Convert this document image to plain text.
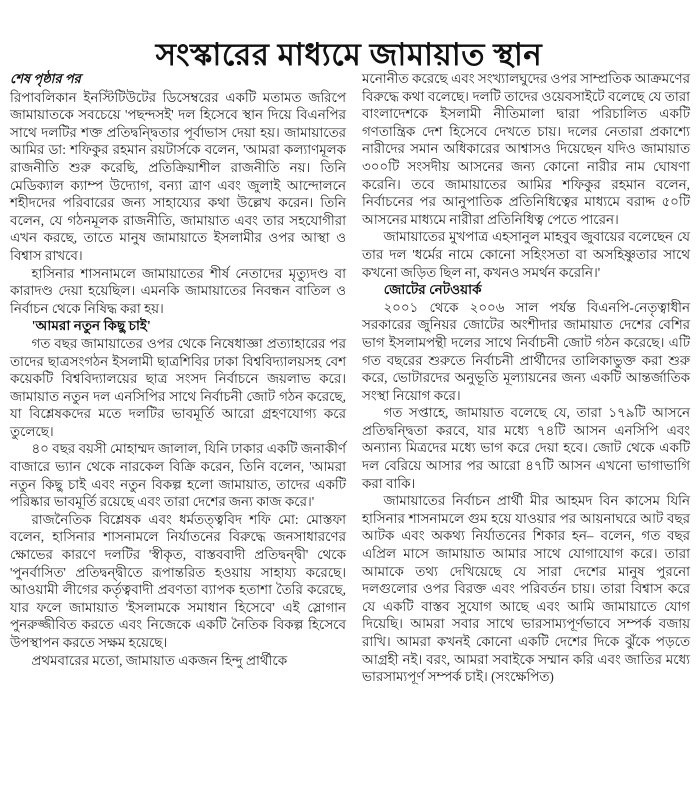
সংস্কারের মাধ্যমে জামায়াত স্থান
শেষ পৃষ্ঠার পর

রিপাবলিকান ইনস্টিটিউটের ডিসেম্বরের একটি মতামত জরিপে জামায়াতকে সবচেয়ে 'পছন্দসই' দল হিসেবে স্থান দিয়ে বিএনপির সাথে দলটির শক্ত প্রতিদ্বন্দ্বিতার পূর্বাভাস দেয়া হয়। জামায়াতের আমির ডা: শফিকুর রহমান রয়টার্সকে বলেন, 'আমরা কল্যাণমূলক রাজনীতি শুরু করেছি, প্রতিক্রিয়াশীল রাজনীতি নয়। তিনি মেডিক্যাল ক্যাম্প উদ্যোগ, বন্যা ত্রাণ এবং জুলাই আন্দোলনে শহীদদের পরিবারের জন্য সাহায্যের কথা উল্লেখ করেন। তিনি বলেন, যে গঠনমূলক রাজনীতি, জামায়াত এবং তার সহযোগীরা এখন করছে, তাতে মানুষ জামায়াতে ইসলামীর ওপর আস্থা ও বিশ্বাস রাখবে।

হাসিনার শাসনামলে জামায়াতের শীর্ষ নেতাদের মৃত্যুদণ্ড বা কারাদণ্ড দেয়া হয়েছিল। এমনকি জামায়াতের নিবন্ধন বাতিল ও নির্বাচন থেকে নিষিদ্ধ করা হয়।

'আমরা নতুন কিছু চাই'

গত বছর জামায়াতের ওপর থেকে নিষেধাজ্ঞা প্রত্যাহারের পর তাদের ছাত্রসংগঠন ইসলামী ছাত্রশিবির ঢাকা বিশ্ববিদ্যালয়সহ বেশ কয়েকটি বিশ্ববিদ্যালয়ের ছাত্র সংসদ নির্বাচনে জয়লাভ করে। জামায়াত নতুন দল এনসিপির সাথে নির্বাচনী জোট গঠন করেছে, যা বিশ্লেষকদের মতে দলটির ভাবমূর্তি আরো গ্রহণযোগ্য করে তুলেছে।

৪০ বছর বয়সী মোহাম্মদ জালাল, যিনি ঢাকার একটি জনাকীর্ণ বাজারে ভ্যান থেকে নারকেল বিক্রি করেন, তিনি বলেন, 'আমরা নতুন কিছু চাই এবং নতুন বিকল্প হলো জামায়াত, তাদের একটি পরিষ্কার ভাবমূর্তি রয়েছে এবং তারা দেশের জন্য কাজ করে।'

রাজনৈতিক বিশ্লেষক এবং ধর্মতত্ত্ববিদ শফি মো: মোস্তফা বলেন, হাসিনার শাসনামলে নির্যাতনের বিরুদ্ধে জনসাধারণের ক্ষোভের কারণে দলটির 'স্বীকৃত, বাস্তববাদী প্রতিদ্বন্দ্বী' থেকে 'পুনর্বাসিত' প্রতিদ্বন্দ্বীতে রূপান্তরিত হওয়ায় সাহায্য করেছে। আওয়ামী লীগের কর্তৃত্ববাদী প্রবণতা ব্যাপক হতাশা তৈরি করেছে, যার ফলে জামায়াত 'ইসলামকে সমাধান হিসেবে' এই স্লোগান পুনরুজ্জীবিত করতে এবং নিজেকে একটি নৈতিক বিকল্প হিসেবে উপস্থাপন করতে সক্ষম হয়েছে।

প্রথমবারের মতো, জামায়াত একজন হিন্দু প্রার্থীকে

মনোনীত করেছে এবং সংখ্যালঘুদের ওপর সাম্প্রতিক আক্রমণের বিরুদ্ধে কথা বলেছে। দলটি তাদের ওয়েবসাইটে বলেছে যে তারা বাংলাদেশকে ইসলামী নীতিমালা দ্বারা পরিচালিত একটি গণতান্ত্রিক দেশ হিসেবে দেখতে চায়। দলের নেতারা প্রকাশ্যে নারীদের সমান অধিকারের আশ্বাসও দিয়েছেন যদিও জামায়াত ৩০০টি সংসদীয় আসনের জন্য কোনো নারীর নাম ঘোষণা করেনি। তবে জামায়াতের আমির শফিকুর রহমান বলেন, নির্বাচনের পর আনুপাতিক প্রতিনিধিত্বের মাধ্যমে বরাদ্দ ৫০টি আসনের মাধ্যমে নারীরা প্রতিনিধিত্ব পেতে পারেন।

জামায়াতের মুখপাত্র এহসানুল মাহবুব জুবায়ের বলেছেন যে তার দল 'ধর্মের নামে কোনো সহিংসতা বা অসহিষ্ণুতার সাথে কখনো জড়িত ছিল না, কখনও সমর্থন করেনি।'

জোটের নেটওয়ার্ক

২০০১ থেকে ২০০৬ সাল পর্যন্ত বিএনপি-নেতৃত্বাধীন সরকারের জুনিয়র জোটের অংশীদার জামায়াত দেশের বেশির ভাগ ইসলামপন্থী দলের সাথে নির্বাচনী জোট গঠন করেছে। এটি গত বছরের শুরুতে নির্বাচনী প্রার্থীদের তালিকাভুক্ত করা শুরু করে, ভোটারদের অনুভূতি মূল্যায়নের জন্য একটি আন্তর্জাতিক সংস্থা নিয়োগ করে।

গত সপ্তাহে, জামায়াত বলেছে যে, তারা ১৭৯টি আসনে প্রতিদ্বন্দ্বিতা করবে, যার মধ্যে ৭৪টি আসন এনসিপি এবং অন্যান্য মিত্রদের মধ্যে ভাগ করে দেয়া হবে। জোট থেকে একটি দল বেরিয়ে আসার পর আরো ৪৭টি আসন এখনো ভাগাভাগি করা বাকি।

জামায়াতের নির্বাচন প্রার্থী মীর আহমদ বিন কাসেম যিনি হাসিনার শাসনামলে গুম হয়ে যাওয়ার পর আয়নাঘরে আট বছর আটক এবং অকথ্য নির্যাতনের শিকার হন– বলেন, গত বছর এপ্রিল মাসে জামায়াত আমার সাথে যোগাযোগ করে। তারা আমাকে তথ্য দেখিয়েছে যে সারা দেশের মানুষ পুরনো দলগুলোর ওপর বিরক্ত এবং পরিবর্তন চায়। তারা বিশ্বাস করে যে একটি বাস্তব সুযোগ আছে এবং আমি জামায়াতে যোগ দিয়েছি। আমরা সবার সাথে ভারসাম্যপূর্ণভাবে সম্পর্ক বজায় রাখি। আমরা কখনই কোনো একটি দেশের দিকে ঝুঁকে পড়তে আগ্রহী নই। বরং, আমরা সবাইকে সম্মান করি এবং জাতির মধ্যে ভারসাম্যপূর্ণ সম্পর্ক চাই। (সংক্ষেপিত)
